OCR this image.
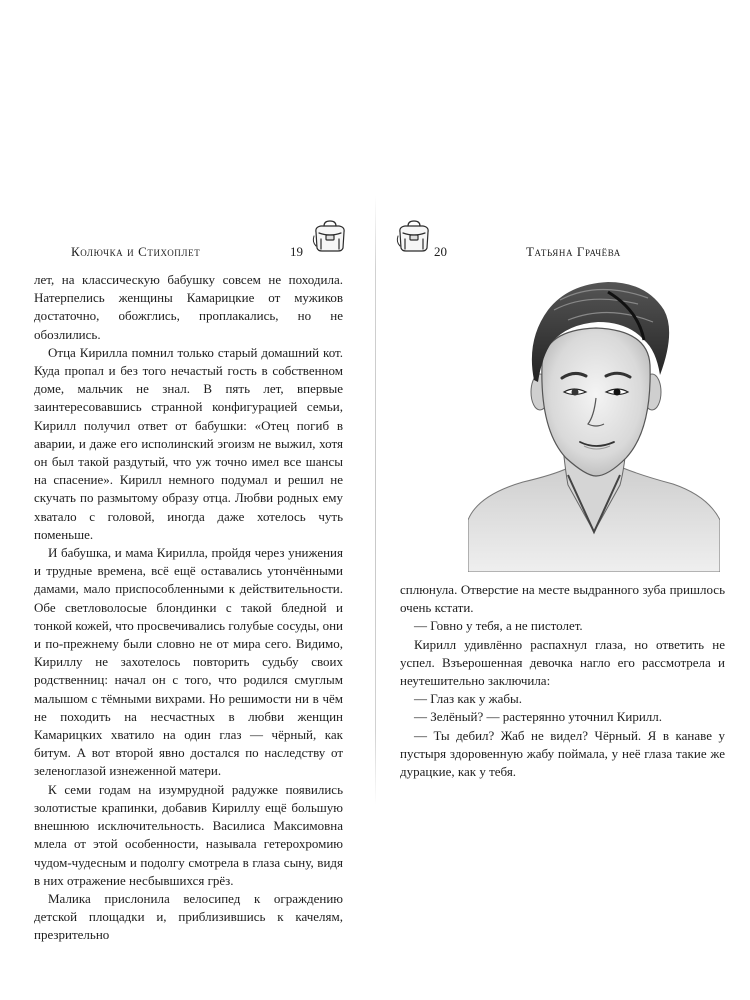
Колючка и Стихоплет	19

лет, на классическую бабушку совсем не походила. Натерпелись женщины Камарицкие от мужиков достаточно, обожглись, проплакались, но не обозлились.

Отца Кирилла помнил только старый домашний кот. Куда пропал и без того нечастый гость в собственном доме, мальчик не знал. В пять лет, впервые заинтересовавшись странной конфигурацией семьи, Кирилл получил ответ от бабушки: «Отец погиб в аварии, и даже его исполинский эгоизм не выжил, хотя он был такой раздутый, что уж точно имел все шансы на спасение». Кирилл немного подумал и решил не скучать по размытому образу отца. Любви родных ему хватало с головой, иногда даже хотелось чуть поменьше.

И бабушка, и мама Кирилла, пройдя через унижения и трудные времена, всё ещё оставались утончёнными дамами, мало приспособленными к действительности. Обе светловолосые блондинки с такой бледной и тонкой кожей, что просвечивались голубые сосуды, они и по-прежнему были словно не от мира сего. Видимо, Кириллу не захотелось повторить судьбу своих родственниц: начал он с того, что родился смуглым малышом с тёмными вихрами. Но решимости ни в чём не походить на несчастных в любви женщин Камарицких хватило на один глаз — чёрный, как битум. А вот второй явно достался по наследству от зеленоглазой изнеженной матери.

К семи годам на изумрудной радужке появились золотистые крапинки, добавив Кириллу ещё большую внешнюю исключительность. Василиса Максимовна млела от этой особенности, называла гетерохромию чудом-чудесным и подолгу смотрела в глаза сыну, видя в них отражение несбывшихся грёз.

Малика прислонила велосипед к ограждению детской площадки и, приблизившись к качелям, презрительно

20	Татьяна Грачёва

сплюнула. Отверстие на месте выдранного зуба пришлось очень кстати.

— Говно у тебя, а не пистолет.

Кирилл удивлённо распахнул глаза, но ответить не успел. Взъерошенная девочка нагло его рассмотрела и неутешительно заключила:

— Глаз как у жабы.

— Зелёный? — растерянно уточнил Кирилл.

— Ты дебил? Жаб не видел? Чёрный. Я в канаве у пустыря здоровенную жабу поймала, у неё глаза такие же дурацкие, как у тебя.
